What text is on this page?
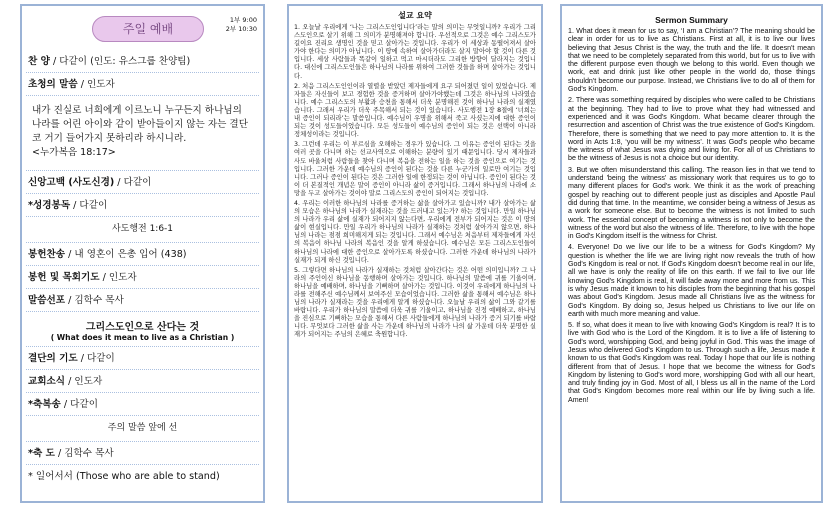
주일 예배
1부 9:00
2부 10:30
찬 양 / 다같이 (인도: 유스그룹 찬양팀)
초청의 말씀 / 인도자
내가 진실로 너희에게 이르노니 누구든지 하나님의 나라를 어린 아이와 같이 받아들이지 않는 자는 결단코 거기 들어가지 못하리라 하시니라.
<누가복음 18:17>
신앙고백 (사도신경) / 다같이
*성경봉독 / 다같이
사도행전 1:6-1
봉헌찬송 / 내 영혼이 은총 입어 (438)
봉헌 및 목회기도 / 인도자
말씀선포 / 김학수 목사
그리스도인으로 산다는 것
( What does it mean to live as a Christian )
결단의 기도 / 다같이
교회소식 / 인도자
*축복송 / 다같이
주의 말씀 앞에 선
*축 도 / 김학수 목사
* 일어서서 (Those who are able to stand)
설교 요약
1. 오늘날 우리에게 ‘나는 그리스도인입니다’라는 말의 의미는 무엇일니까? 우리가 그리스도인으로 살기 위해 그 의미가 분명해져야 합니다. 우선적으로 그것은 예수 그리스도가 길이요 진리요 생명인 것을 믿고 살아가는 것입니다. 우리가 이 세상과 동떨어져서 살아가야 한다는 의미가 아닙니다. 이 땅에 속하여 살아가더라도 살지 말아야 할 것이 다른 것입니다. 세상 사람들과 똑같이 일하고 먹고 마시더라도 그리한 방향이 달라지는 것입니다. 대신에 그리스도인들은 하나님의 나라를 위하여 그러한 것들을 하며 살아가는 것입니다.
2. 처음 그리스도인인이라 열렬을 받았던 제자들에게 요구 되어졌던 일이 있었습니다. 제자들은 자신들이 보고 경험한 것을 증거하며 살아가야했는데 그것은 하나님의 나라였습니다. 예수 그리스도의 부활과 승천을 통해서 더욱 분명해진 것이 하나님 나라의 실재였습니다. 그래서 우리가 더욱 주목해서 되는 것이 있습니다. 사도행전 1장 8절에 ‘너희는 내 증인이 되리라’는 말씀입니다. 예수님이 우명을 위해서 죽고 사셨는지에 대한 증인이 되는 것이 성도들이었습니다. 모든 성도들이 예수님의 증인이 되는 것은 선택이 아니라 정체성이라는 것입니다.
3. 그런데 우리는 이 부르심을 오해하는 경우가 있습니다. 그 이유는 증인이 된다는 것을 여러 곳을 다니며 하는 선교사역으로 이해하는 분량이 있기 때문입니다. 당시 제자들과 사도 바울처럼 사람들을 찾아 다니며 복음을 전하는 일을 하는 것을 증인으로 여기는 것입니다. 그러한 가운데 예수님의 증인이 된다는 것을 다른 누군가의 일로만 여기는 것입니다. 그러나 증인이 된다는 것은 그러한 일에 한정되는 것이 아닙니다. 증인이 된다는 것이 더 본질적인 개념은 말이 증인이 아니라 삶이 증거입니다. 그래서 하나님의 나라에 소망을 두고 살아가는 것이야 말로 그리스도의 증인이 되어지는 것입니다.
4. 우리는 이러한 하나님의 나라를 증거하는 삶을 살아가고 있습니까? 내가 살아가는 삶의 모습은 하나님의 나라가 실재라는 것을 드러내고 있는가? 하는 것입니다. 만일 하나님의 나라가 우리 삶에 실재가 되어지지 않는다면, 우리에게 전부가 되어지는 것은 이 땅의 삶이 현실입니다. 만일 우리가 하나님의 나라가 실재하는 것처럼 살아가지 않으면, 하나님의 나라는 점점 희미해지게 되는 것입니다. 그래서 예수님은 처음부터 제자들에게 자신의 복음이 하나님 나라의 복음인 것을 알게 하셨습니다. 예수님은 모든 그리스도인들이 하나님의 나라에 대한 증인으로 살아가도록 하셨습니다. 그러한 가운데 하나님의 나라가 실재가 되게 하신 것입니다.
5. 그렇다면 하나님의 나라가 실재하는 것처럼 살아간다는 것은 어떤 의미입니까? 그 나라의 주인이신 하나님을 동행하며 살아가는 것입니다. 하나님의 말씀에 귀를 기울이며, 하나님을 예배하며, 하나님을 기뻐하며 살아가는 것입니다. 이것이 우리에게 하나님의 나라를 전해주신 예수님께서 보여주신 모습이었습니다. 그러한 삶을 통해서 예수님은 하나님의 나라가 실재라는 것을 우리에게 알게 하셨습니다. 오늘날 우리의 삶이 그와 같기를 바랍니다. 우리가 하나님의 말씀에 더욱 귀를 기울이고, 하나님을 진정 예배하고, 하나님을 진심으로 기뻐하는 모습을 통해서 다른 사람들에게 하나님의 나라가 증거 되기를 바랍니다. 무엇보다 그러한 삶을 사는 가운데 하나님의 나라가 나의 삶 가운데 더욱 분명한 실재가 되어지는 주님의 은혜로 축원합니다.
Sermon Summary
1. What does it mean for us to say, ‘I am a Christian’? The meaning should be clear in order for us to live as Christians. First at all, it is to live our lives believing that Jesus Christ is the way, the truth and the life. It doesn't mean that we need to be completely separated from this world, but for us to live with the different purpose even though we belong to this world. Even though we work, eat and drink just like other people in the world do, those things shouldn't become our purpose. Instead, we Christians live to do all of them for God's Kingdom.
2. There was something required by disciples who were called to be Christians at the beginning. They had to live to prove what they had witnessed and experienced and it was God's Kingdom. What became clearer through the resurrection and ascention of Christ was the true existence of God's Kingdom. Therefore, there is something that we need to pay more attention to. It is the word in Acts 1:8, ‘you will be my witness’. It was God's people who became the witness of what Jesus was dying and living for. For all of us Christians to be the witness of Jesus is not a choice but our identity.
3. But we often misunderstand this calling. The reason lies in that we tend to understand 'being the witness' as missionary work that requires us to go to many different places for God's work. We think it as the work of preaching gospel by reaching out to different people just as disciples and Apostle Paul did during that time. In the meantime, we consider being a witness of Jesus as a work for someone else. But to become the witness is not limited to such work. The essential concept of becoming a witness is not only to become the witness of the word but also the witness of life. Therefore, to live with the hope in God's Kingdom itself is the witness for Christ.
4. Everyone! Do we live our life to be a witness for God's Kingdom? My question is whether the life we are living right now reveals the truth of how God's Kingdom is real or not. If God's Kingdom doesn't become real in our life, all we have is only the reality of life on this earth. If we fail to live our life knowing God's Kingdom is real, it will fade away more and more from us. This is why Jesus made it known to his disciples from the beginning that his gospel was about God's Kingdom. Jesus made all Christians live as the witness for God's Kingdom. By doing so, Jesus helped us Christians to live our life on earth with much more meaning and value.
5. If so, what does it mean to live with knowing God's Kingdom is real? It is to live with God who is the Lord of the Kingdom. It is to live a life of listening to God's word, worshipping God, and being joyful in God. This was the image of Jesus who delivered God's Kingdom to us. Through such a life, Jesus made it known to us that God's Kingdom was real. Today I hope that our life is nothing different from that of Jesus. I hope that we become the witness for God's Kingdom by listening to God's word more, worshipping God with all our heart, and truly finding joy in God. Most of all, I bless us all in the name of the Lord that God's Kingdom becomes more real within our life by living such a life. Amen!
